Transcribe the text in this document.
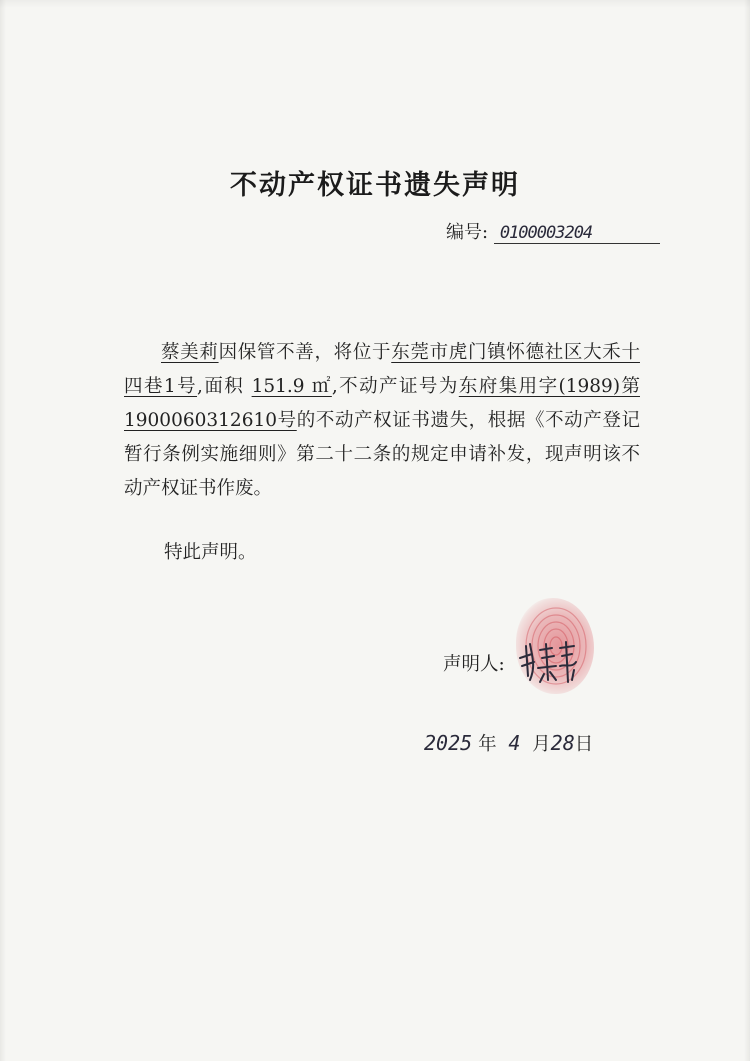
不动产权证书遗失声明
编号: 0100003204

蔡美莉因保管不善，将位于东莞市虎门镇怀德社区大禾十四巷1号,面积 151.9 ㎡,不动产证号为东府集用字(1989)第1900060312610号的不动产权证书遗失，根据《不动产登记暂行条例实施细则》第二十二条的规定申请补发，现声明该不动产权证书作废。

特此声明。
声明人:
2025 年 4 月28日
